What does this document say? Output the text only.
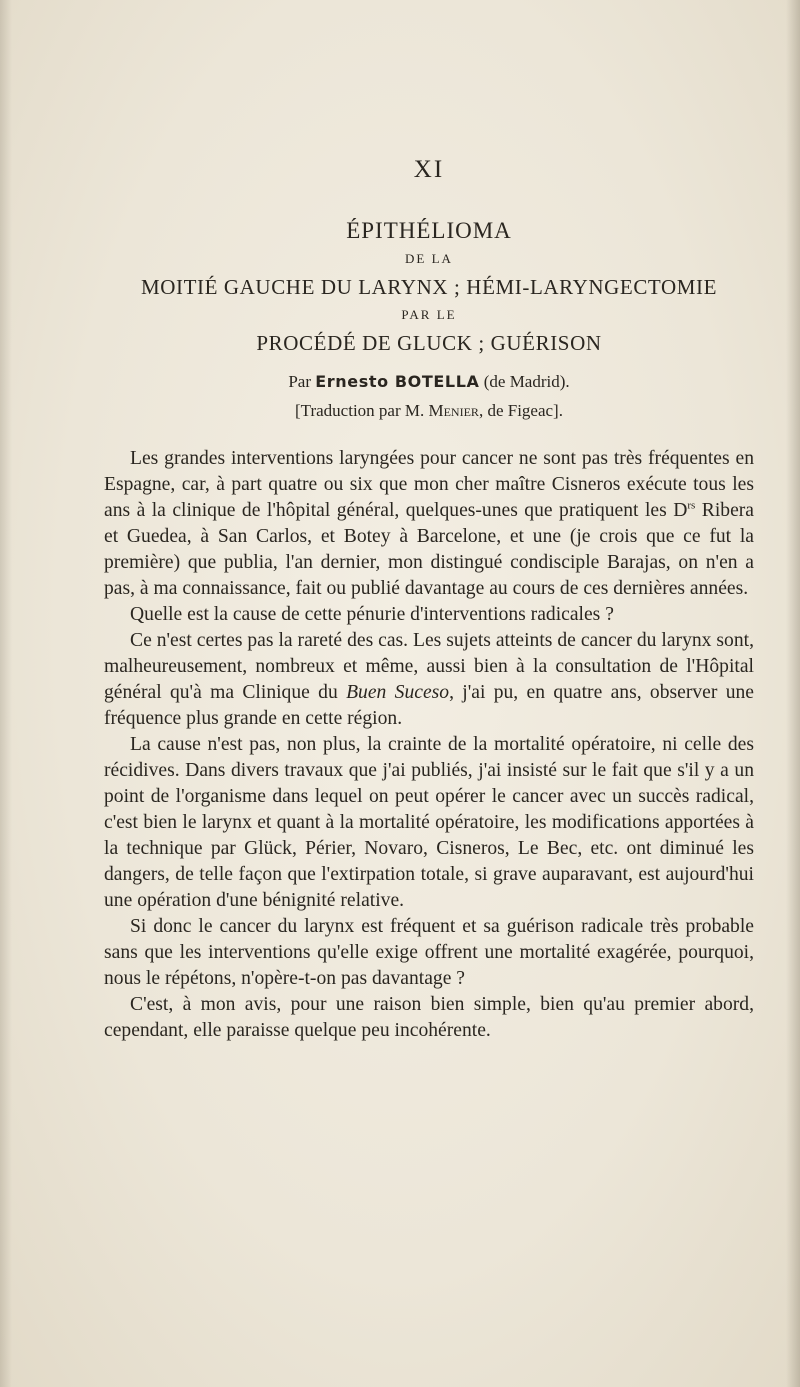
XI

ÉPITHÉLIOMA

DE LA

MOITIÉ GAUCHE DU LARYNX ; HÉMI-LARYNGECTOMIE

PAR LE

PROCÉDÉ DE GLUCK ; GUÉRISON

Par Ernesto BOTELLA (de Madrid).

[Traduction par M. Menier, de Figeac].

Les grandes interventions laryngées pour cancer ne sont pas très fréquentes en Espagne, car, à part quatre ou six que mon cher maître Cisneros exécute tous les ans à la clinique de l'hôpital général, quelques-unes que pratiquent les $D^{rs}$ Ribera et Guedea, à San Carlos, et Botey à Barcelone, et une (je crois que ce fut la première) que publia, l'an dernier, mon distingué condisciple Barajas, on n'en a pas, à ma connaissance, fait ou publié davantage au cours de ces dernières années.

Quelle est la cause de cette pénurie d'interventions radicales ?

Ce n'est certes pas la rareté des cas. Les sujets atteints de cancer du larynx sont, malheureusement, nombreux et même, aussi bien à la consultation de l'Hôpital général qu'à ma Clinique du Buen Suceso, j'ai pu, en quatre ans, observer une fréquence plus grande en cette région.

La cause n'est pas, non plus, la crainte de la mortalité opératoire, ni celle des récidives. Dans divers travaux que j'ai publiés, j'ai insisté sur le fait que s'il y a un point de l'organisme dans lequel on peut opérer le cancer avec un succès radical, c'est bien le larynx et quant à la mortalité opératoire, les modifications apportées à la technique par Glück, Périer, Novaro, Cisneros, Le Bec, etc. ont diminué les dangers, de telle façon que l'extirpation totale, si grave auparavant, est aujourd'hui une opération d'une bénignité relative.

Si donc le cancer du larynx est fréquent et sa guérison radicale très probable sans que les interventions qu'elle exige offrent une mortalité exagérée, pourquoi, nous le répétons, n'opère-t-on pas davantage ?

C'est, à mon avis, pour une raison bien simple, bien qu'au premier abord, cependant, elle paraisse quelque peu incohérente.
